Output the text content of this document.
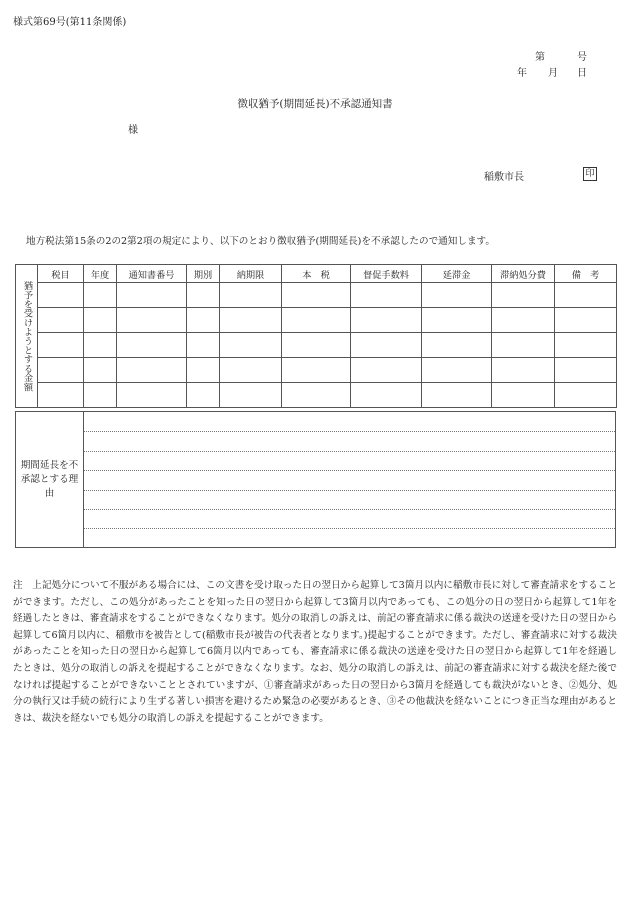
様式第69号(第11条関係)
第	号
年 月 日
徴収猶予(期間延長)不承認通知書
様
稲敷市長	印
地方税法第15条の2の2第2項の規定により、以下のとおり徴収猶予(期間延長)を不承認したので通知します。
猶予を受けようとする金額	税目	年度	通知書番号	期別	納期限	本　税	督促手数料	延滞金	滞納処分費	備　考

期間延長を不承認とする理由

注　上記処分について不服がある場合には、この文書を受け取った日の翌日から起算して3箇月以内に稲敷市長に対して審査請求をすることができます。ただし、この処分があったことを知った日の翌日から起算して3箇月以内であっても、この処分の日の翌日から起算して1年を経過したときは、審査請求をすることができなくなります。処分の取消しの訴えは、前記の審査請求に係る裁決の送達を受けた日の翌日から起算して6箇月以内に、稲敷市を被告として(稲敷市長が被告の代表者となります。)提起することができます。ただし、審査請求に対する裁決があったことを知った日の翌日から起算して6箇月以内であっても、審査請求に係る裁決の送達を受けた日の翌日から起算して1年を経過したときは、処分の取消しの訴えを提起することができなくなります。なお、処分の取消しの訴えは、前記の審査請求に対する裁決を経た後でなければ提起することができないこととされていますが、①審査請求があった日の翌日から3箇月を経過しても裁決がないとき、②処分、処分の執行又は手続の続行により生ずる著しい損害を避けるため緊急の必要があるとき、③その他裁決を経ないことにつき正当な理由があるときは、裁決を経ないでも処分の取消しの訴えを提起することができます。
